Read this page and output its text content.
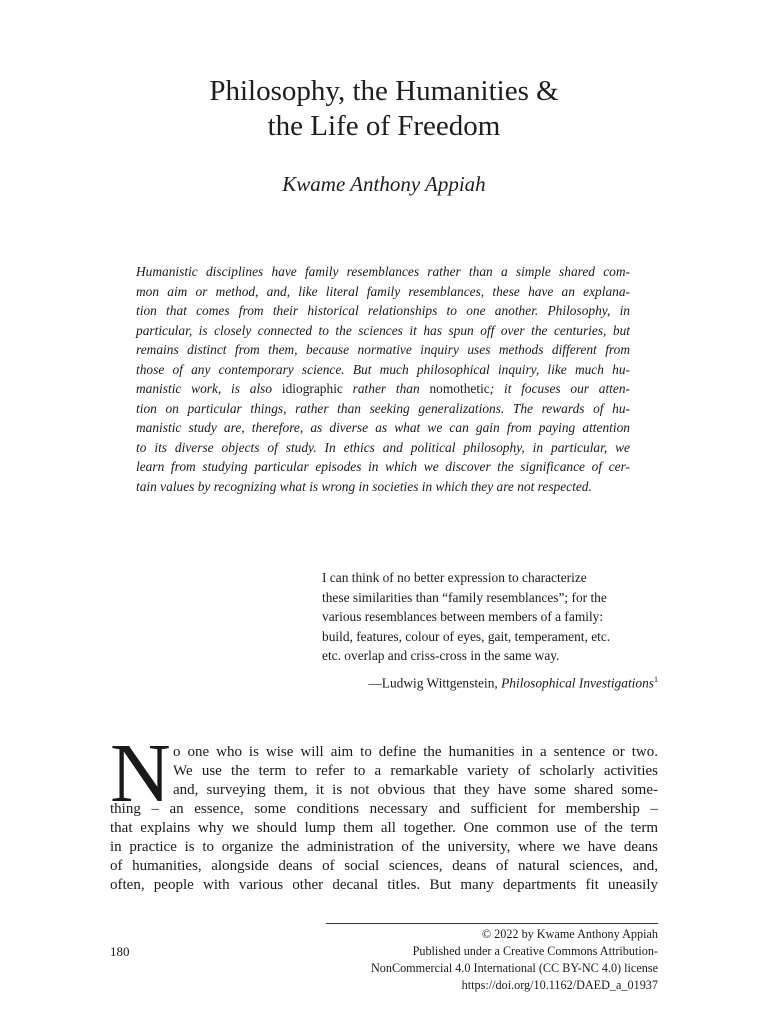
Philosophy, the Humanities &
the Life of Freedom
Kwame Anthony Appiah
Humanistic disciplines have family resemblances rather than a simple shared com-
mon aim or method, and, like literal family resemblances, these have an explana-
tion that comes from their historical relationships to one another. Philosophy, in
particular, is closely connected to the sciences it has spun off over the centuries, but
remains distinct from them, because normative inquiry uses methods different from
those of any contemporary science. But much philosophical inquiry, like much hu-
manistic work, is also idiographic rather than nomothetic; it focuses our atten-
tion on particular things, rather than seeking generalizations. The rewards of hu-
manistic study are, therefore, as diverse as what we can gain from paying attention
to its diverse objects of study. In ethics and political philosophy, in particular, we
learn from studying particular episodes in which we discover the significance of cer-
tain values by recognizing what is wrong in societies in which they are not respected.
I can think of no better expression to characterize
these similarities than “family resemblances”; for the
various resemblances between members of a family:
build, features, colour of eyes, gait, temperament, etc.
etc. overlap and criss-cross in the same way.
—Ludwig Wittgenstein, Philosophical Investigations$^1$
N o one who is wise will aim to define the humanities in a sentence or two.
We use the term to refer to a remarkable variety of scholarly activities
and, surveying them, it is not obvious that they have some shared some-
thing – an essence, some conditions necessary and sufficient for membership –
that explains why we should lump them all together. One common use of the term
in practice is to organize the administration of the university, where we have deans
of humanities, alongside deans of social sciences, deans of natural sciences, and,
often, people with various other decanal titles. But many departments fit uneasily
180
© 2022 by Kwame Anthony Appiah
Published under a Creative Commons Attribution-
NonCommercial 4.0 International (CC BY-NC 4.0) license
https://doi.org/10.1162/DAED_a_01937
